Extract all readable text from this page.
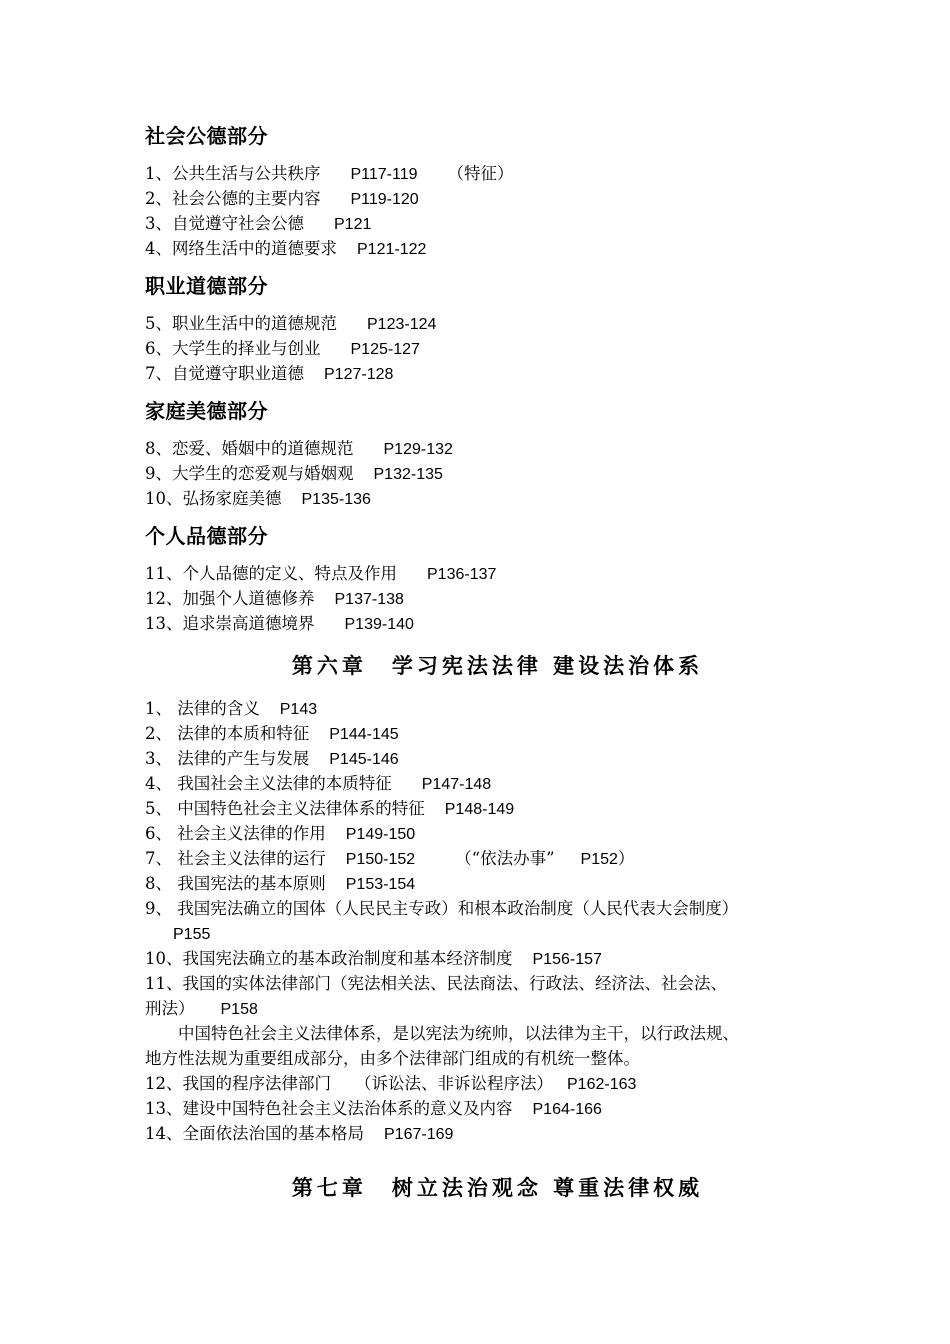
社会公德部分
1、公共生活与公共秩序 P117-119 （特征）
2、社会公德的主要内容 P119-120
3、自觉遵守社会公德 P121
4、网络生活中的道德要求 P121-122
职业道德部分
5、职业生活中的道德规范 P123-124
6、大学生的择业与创业 P125-127
7、自觉遵守职业道德 P127-128
家庭美德部分
8、恋爱、婚姻中的道德规范 P129-132
9、大学生的恋爱观与婚姻观 P132-135
10、弘扬家庭美德 P135-136
个人品德部分
11、个人品德的定义、特点及作用 P136-137
12、加强个人道德修养 P137-138
13、追求崇高道德境界 P139-140
第六章　学习宪法法律 建设法治体系
1、 法律的含义 P143
2、 法律的本质和特征 P144-145
3、 法律的产生与发展 P145-146
4、 我国社会主义法律的本质特征 P147-148
5、 中国特色社会主义法律体系的特征 P148-149
6、 社会主义法律的作用 P149-150
7、 社会主义法律的运行 P150-152 （“依法办事” P152）
8、 我国宪法的基本原则 P153-154
9、 我国宪法确立的国体（人民民主专政）和根本政治制度（人民代表大会制度）
P155
10、我国宪法确立的基本政治制度和基本经济制度 P156-157
11、我国的实体法律部门（宪法相关法、民法商法、行政法、经济法、社会法、
刑法） P158
中国特色社会主义法律体系，是以宪法为统帅，以法律为主干，以行政法规、
地方性法规为重要组成部分，由多个法律部门组成的有机统一整体。
12、我国的程序法律部门 （诉讼法、非诉讼程序法） P162-163
13、建设中国特色社会主义法治体系的意义及内容 P164-166
14、全面依法治国的基本格局 P167-169
第七章　树立法治观念 尊重法律权威
